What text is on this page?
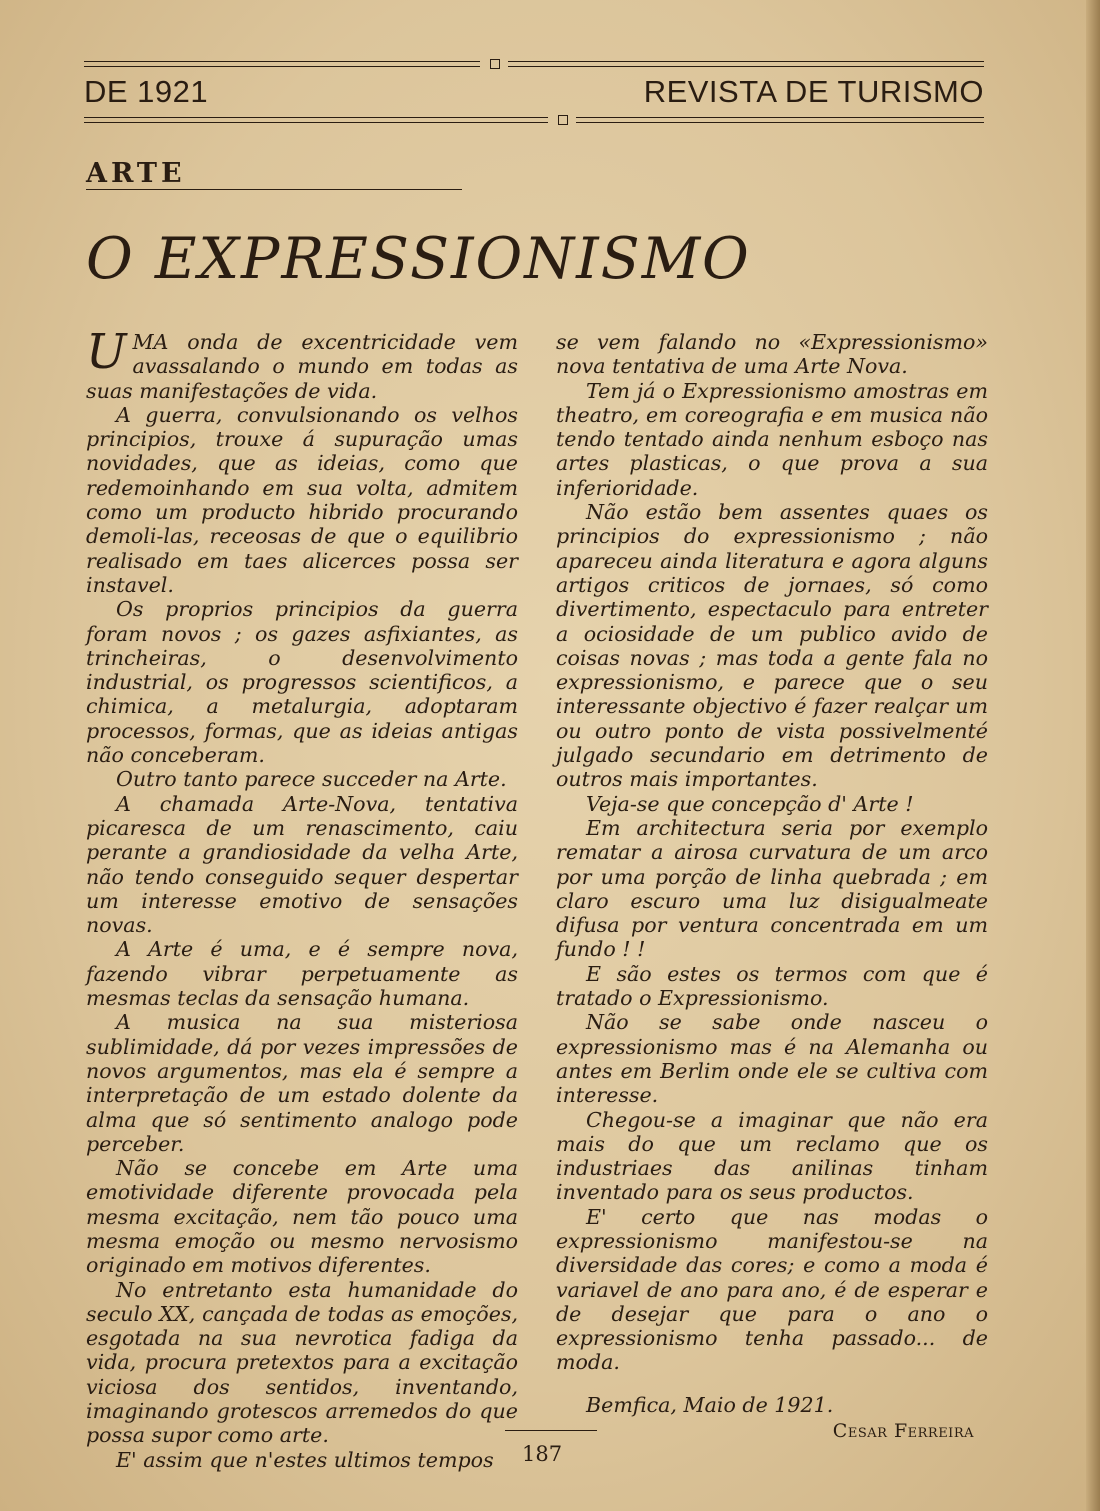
DE 1921	REVISTA DE TURISMO
ARTE
O EXPRESSIONISMO

UMA onda de excentricidade vem avassalando o mundo em todas as suas manifestações de vida.

A guerra, convulsionando os velhos principios, trouxe á supuração umas novidades, que as ideias, como que redemoinhando em sua volta, admitem como um producto hibrido procurando demoli-las, receosas de que o equilibrio realisado em taes alicerces possa ser instavel.

Os proprios principios da guerra foram novos ; os gazes asfixiantes, as trincheiras, o desenvolvimento industrial, os progressos scientificos, a chimica, a metalurgia, adoptaram processos, formas, que as ideias antigas não conceberam.

Outro tanto parece succeder na Arte.

A chamada Arte-Nova, tentativa picaresca de um renascimento, caiu perante a grandiosidade da velha Arte, não tendo conseguido sequer despertar um interesse emotivo de sensações novas.

A Arte é uma, e é sempre nova, fazendo vibrar perpetuamente as mesmas teclas da sensação humana.

A musica na sua misteriosa sublimidade, dá por vezes impressões de novos argumentos, mas ela é sempre a interpretação de um estado dolente da alma que só sentimento analogo pode perceber.

Não se concebe em Arte uma emotividade diferente provocada pela mesma excitação, nem tão pouco uma mesma emoção ou mesmo nervosismo originado em motivos diferentes.

No entretanto esta humanidade do seculo XX, cançada de todas as emoções, esgotada na sua nevrotica fadiga da vida, procura pretextos para a excitação viciosa dos sentidos, inventando, imaginando grotescos arremedos do que possa supor como arte.

E' assim que n'estes ultimos tempos

se vem falando no «Expressionismo» nova tentativa de uma Arte Nova.

Tem já o Expressionismo amostras em theatro, em coreografia e em musica não tendo tentado ainda nenhum esboço nas artes plasticas, o que prova a sua inferioridade.

Não estão bem assentes quaes os principios do expressionismo ; não apareceu ainda literatura e agora alguns artigos criticos de jornaes, só como divertimento, espectaculo para entreter a ociosidade de um publico avido de coisas novas ; mas toda a gente fala no expressionismo, e parece que o seu interessante objectivo é fazer realçar um ou outro ponto de vista possivelmenté julgado secundario em detrimento de outros mais importantes.

Veja-se que concepção d' Arte !

Em architectura seria por exemplo rematar a airosa curvatura de um arco por uma porção de linha quebrada ; em claro escuro uma luz disigualmeate difusa por ventura concentrada em um fundo ! !

E são estes os termos com que é tratado o Expressionismo.

Não se sabe onde nasceu o expressionismo mas é na Alemanha ou antes em Berlim onde ele se cultiva com interesse.

Chegou-se a imaginar que não era mais do que um reclamo que os industriaes das anilinas tinham inventado para os seus productos.

E' certo que nas modas o expressionismo manifestou-se na diversidade das cores; e como a moda é variavel de ano para ano, é de esperar e de desejar que para o ano o expressionismo tenha passado... de moda.

Bemfica, Maio de 1921.

Cesar Ferreira
187
